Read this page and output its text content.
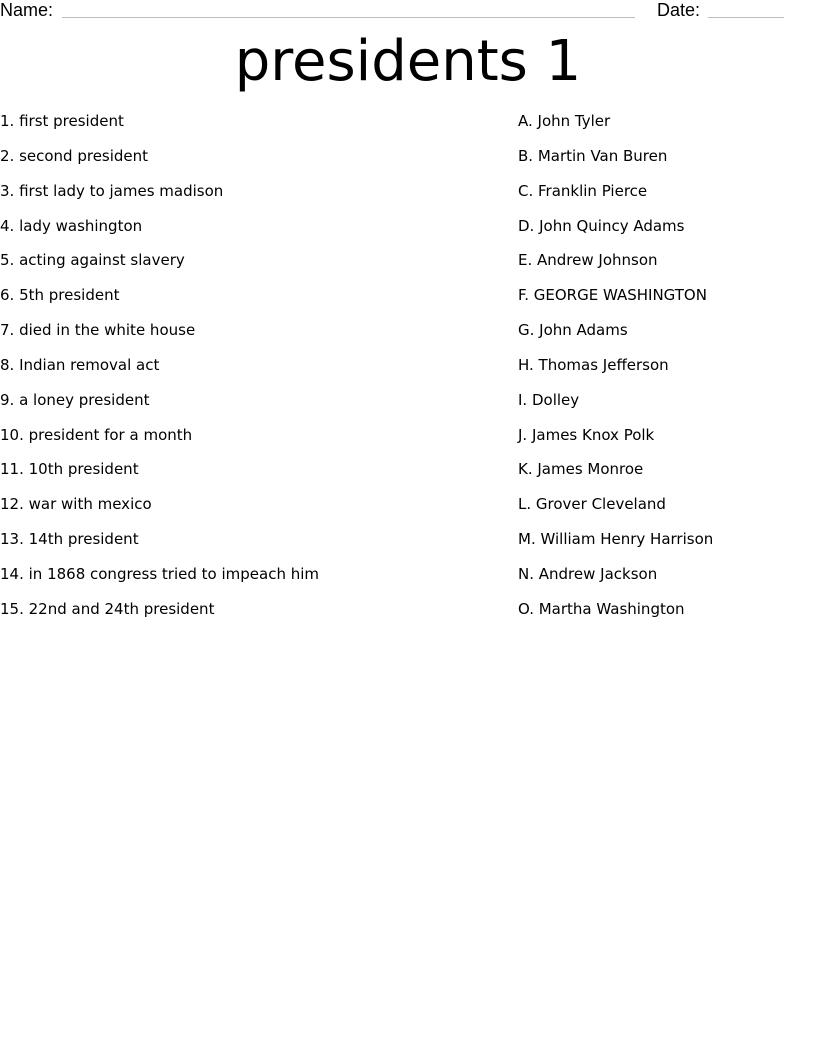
Name:	Date:
presidents 1
1. first president
2. second president
3. first lady to james madison
4. lady washington
5. acting against slavery
6. 5th president
7. died in the white house
8. Indian removal act
9. a loney president
10. president for a month
11. 10th president
12. war with mexico
13. 14th president
14. in 1868 congress tried to impeach him
15. 22nd and 24th president
A. John Tyler
B. Martin Van Buren
C. Franklin Pierce
D. John Quincy Adams
E. Andrew Johnson
F. GEORGE WASHINGTON
G. John Adams
H. Thomas Jefferson
I. Dolley
J. James Knox Polk
K. James Monroe
L. Grover Cleveland
M. William Henry Harrison
N. Andrew Jackson
O. Martha Washington
